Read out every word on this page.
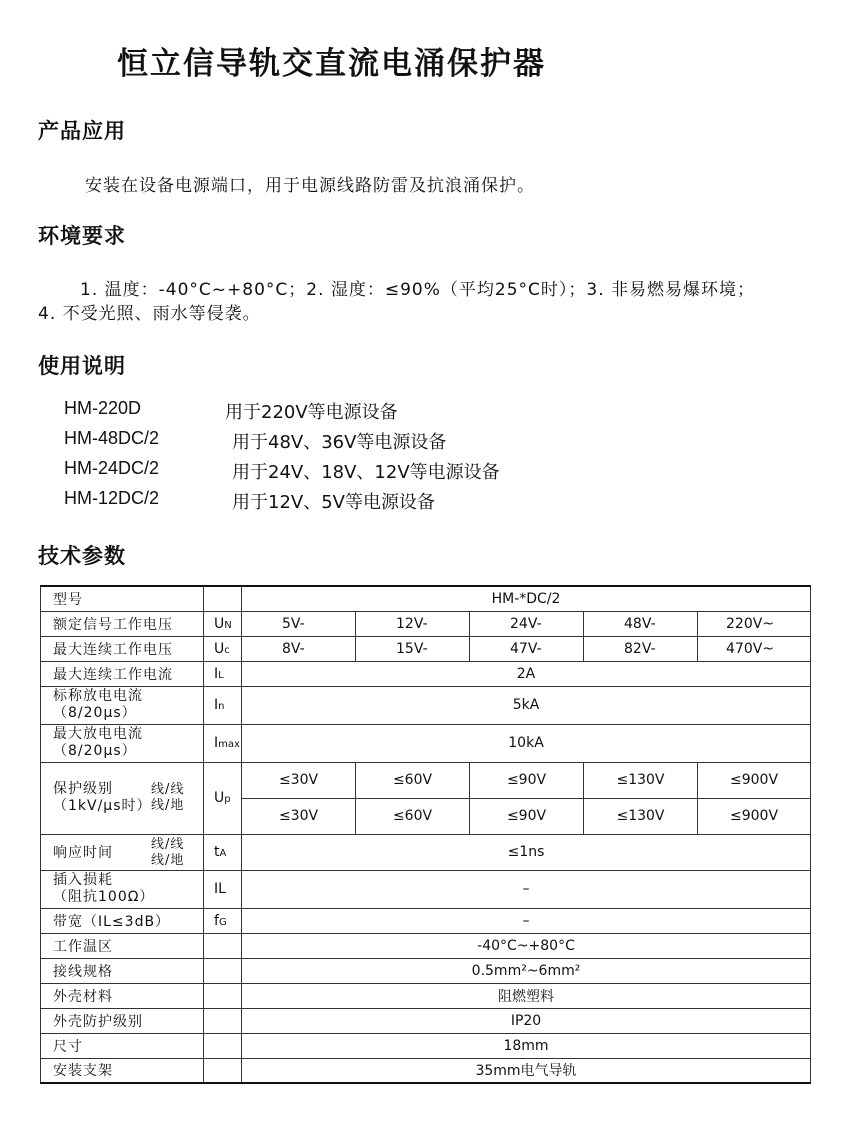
恒立信导轨交直流电涌保护器
产品应用
安装在设备电源端口，用于电源线路防雷及抗浪涌保护。
环境要求
1. 温度：-40°C~+80°C；2. 湿度：≤90%（平均25°C时）；3. 非易燃易爆环境；
4. 不受光照、雨水等侵袭。
使用说明
HM-220D	用于220V等电源设备
HM-48DC/2	用于48V、36V等电源设备
HM-24DC/2	用于24V、18V、12V等电源设备
HM-12DC/2	用于12V、5V等电源设备
技术参数
型号		HM-*DC/2				
额定信号工作电压	UN	5V-	12V-	24V-	48V-	220V~
最大连续工作电压	Uc	8V-	15V-	47V-	82V-	470V~
最大连续工作电流	IL	2A				
标称放电电流
（8/20μs）	In	5kA				
最大放电电流
（8/20μs）	Imax	10kA				
保护级别
（1kV/μs时）
线/线
线/地	Up	≤30V	≤60V	≤90V	≤130V	≤900V
		≤30V	≤60V	≤90V	≤130V	≤900V
响应时间
线/线
线/地	tA	≤1ns				
插入损耗
（阻抗100Ω）	IL	–				
带宽（IL≤3dB）	fG	–				
工作温区		-40°C~+80°C				
接线规格		0.5mm²~6mm²				
外壳材料		阻燃塑料				
外壳防护级别		IP20				
尺寸		18mm				
安装支架		35mm电气导轨				
